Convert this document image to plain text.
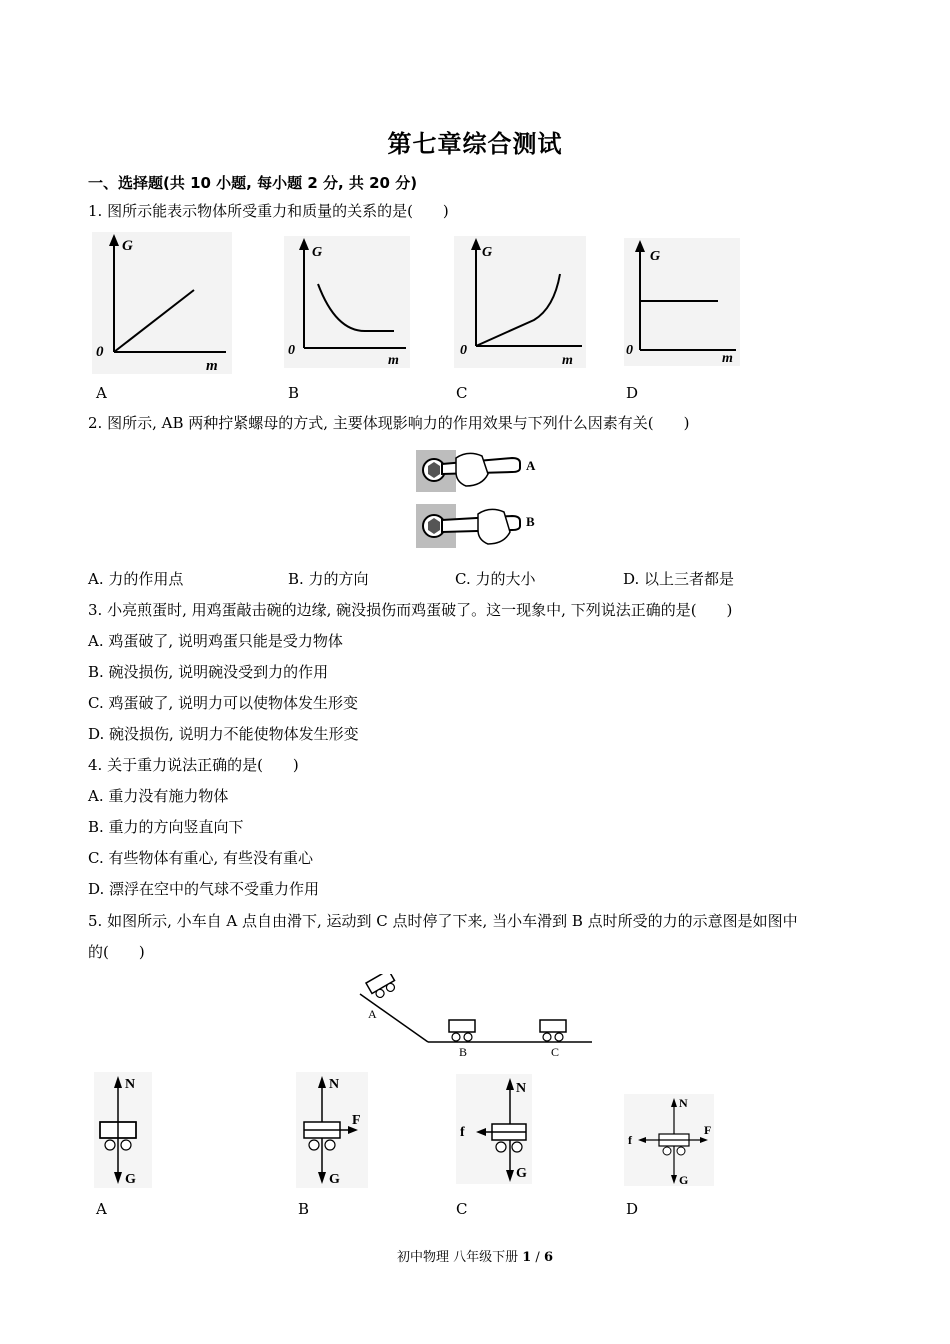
第七章综合测试
一、选择题(共 10 小题, 每小题 2 分, 共 20 分)
1. 图所示能表示物体所受重力和质量的关系的是(　　)
G
0
m
G
0
m
G
0
m
G
0
m
A	B	C	D
2. 图所示, AB 两种拧紧螺母的方式, 主要体现影响力的作用效果与下列什么因素有关(　　)
A
B
A. 力的作用点	B. 力的方向	C. 力的大小	D. 以上三者都是
3. 小亮煎蛋时, 用鸡蛋敲击碗的边缘, 碗没损伤而鸡蛋破了。这一现象中, 下列说法正确的是(　　)
A. 鸡蛋破了, 说明鸡蛋只能是受力物体
B. 碗没损伤, 说明碗没受到力的作用
C. 鸡蛋破了, 说明力可以使物体发生形变
D. 碗没损伤, 说明力不能使物体发生形变
4. 关于重力说法正确的是(　　)
A. 重力没有施力物体
B. 重力的方向竖直向下
C. 有些物体有重心, 有些没有重心
D. 漂浮在空中的气球不受重力作用
5. 如图所示, 小车自 A 点自由滑下, 运动到 C 点时停了下来, 当小车滑到 B 点时所受的力的示意图是如图中
的(　　)
A
B	C
N
G
N
G
F
N
G
f
N
G
f
F
A	B	C	D
初中物理 八年级下册 1 / 6
